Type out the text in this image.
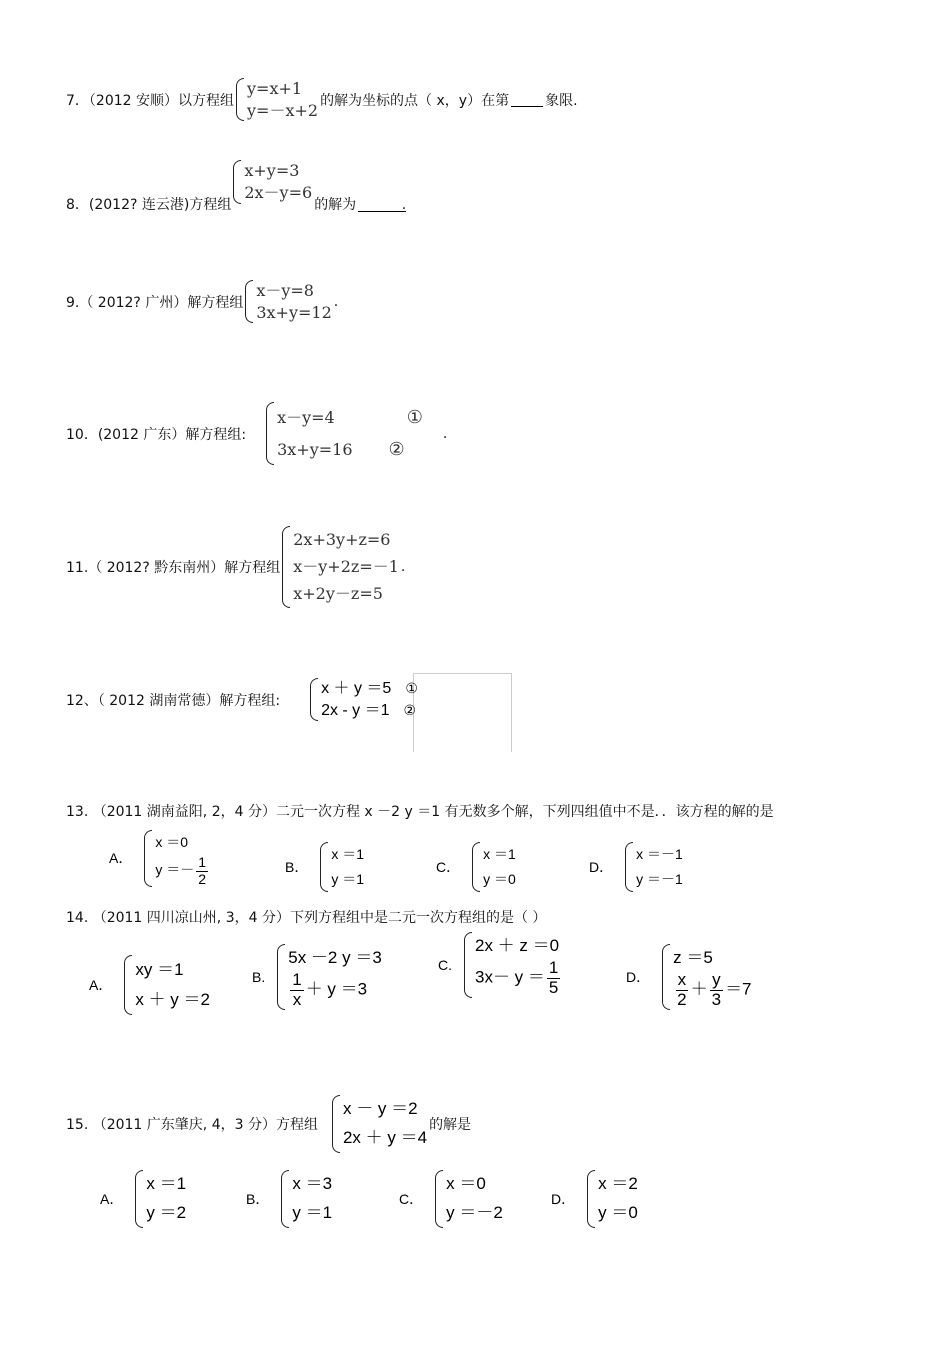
7．（2012 安顺）以方程组
y=x+1
y=－x+2 的解为坐标的点（ x，y）在第	象限.
8．(2012? 连云港)方程组
x+y=3
2x－y=6
的解为	.
9.（ 2012? 广州）解方程组
x－y=8
3x+y=12
.
10．(2012 广东）解方程组:
x－y=4	①
3x+y=16 ②
.
11.（ 2012? 黔东南州）解方程组
2x+3y+z=6
x－y+2z=－1
x+2y－z=5
.
12、（ 2012 湖南常德）解方程组:
x ＋ y ＝5 ①
2x - y ＝1 ②
13. （2011 湖南益阳, 2，4 分）二元一次方程 x －2 y ＝1 有无数多个解，下列四组值中不是．．该方程的解的是
A．
x ＝0
$y =- \frac{1}{2}$	B．
x ＝1
y ＝1
C．
x ＝1
y ＝0
D．
x ＝－1
y ＝－1
14. （2011 四川凉山州, 3，4 分）下列方程组中是二元一次方程组的是（ ）
A．
xy ＝1
x ＋ y ＝2
B.
5x －2 y ＝3
$\frac{1}{x} + y =3$
C.
2x ＋ z ＝0
$3x- y = \frac{1}{5}$	D．
z ＝5
$\frac{x}{2} + \frac{y}{3} =7$
15. （2011 广东肇庆, 4，3 分）方程组
x － y ＝2
2x ＋ y ＝4
的解是
A．
x ＝1
y ＝2
B．
x ＝3
y ＝1
C．
x ＝0
y ＝－2
D．
x ＝2
y ＝0
